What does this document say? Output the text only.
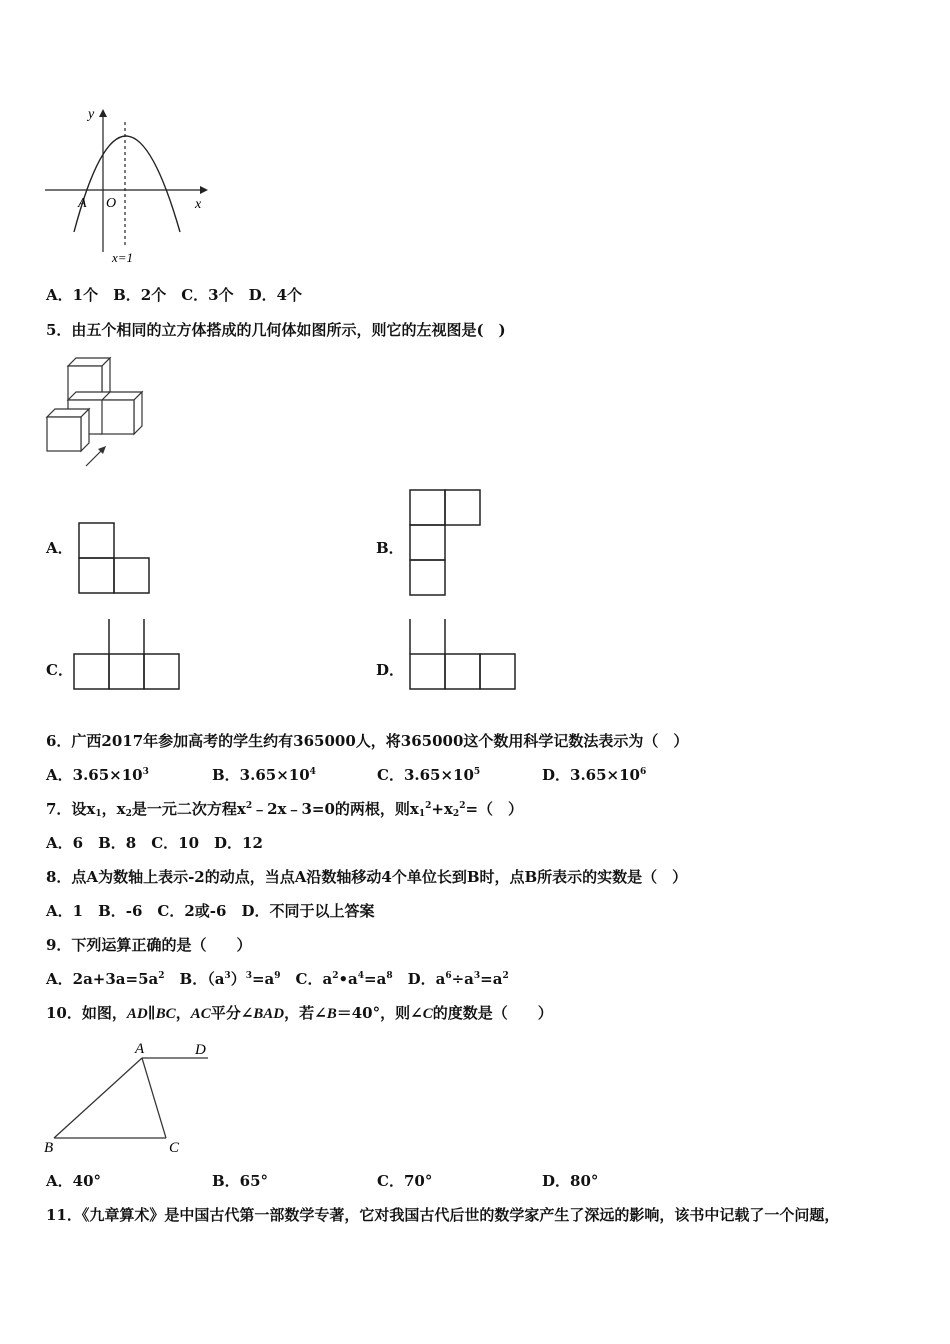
y
x
A O
x=1
A．1个　B．2个　C．3个　D．4个
5．由五个相同的立方体搭成的几何体如图所示，则它的左视图是(　)
A．	B．
C．	D．
6．广西2017年参加高考的学生约有365000人，将365000这个数用科学记数法表示为（　）
A．$3.65\times 10^3$	B．$3.65\times 10^4$	C．$3.65\times 10^5$	D．$3.65\times 10^6$
7．设$x_1$，$x_2$是一元二次方程$x^2﹣2x﹣3=0$的两根，则$x_1^2+x_2^2=$（　）
A．6　B．8　C．10　D．12
8．点A为数轴上表示-2的动点，当点A沿数轴移动4个单位长到B时，点B所表示的实数是（　）
A．1　B．-6　C．2或-6　D．不同于以上答案
9．下列运算正确的是（　　）
A．$2a+3a=5a^2$　B．$(a^3)^3=a^9$　C．$a^2•a^4=a^8$　D．$a^6\div a^3=a^2$
10．如图，AD∥BC，AC平分∠BAD，若∠B＝40°，则∠C的度数是（　　）
A	D
B	C
A．40°	B．65°	C．70°	D．80°
11．《九章算术》是中国古代第一部数学专著，它对我国古代后世的数学家产生了深远的影响，该书中记载了一个问题，
